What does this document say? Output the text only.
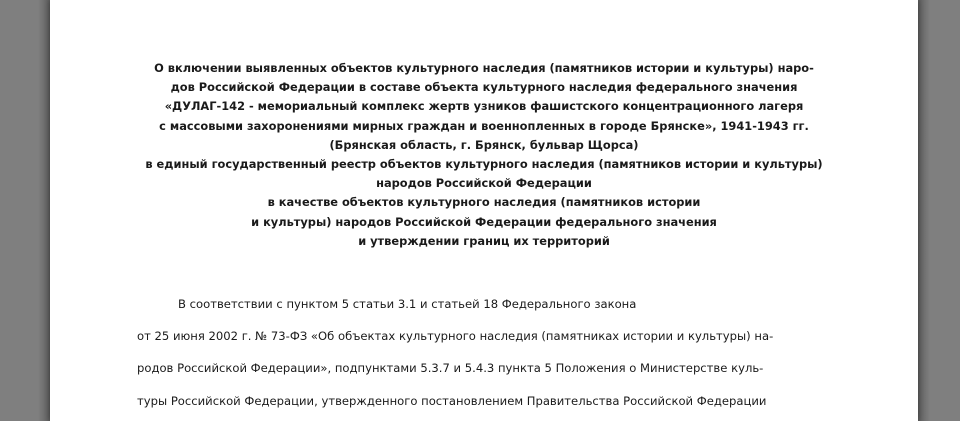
О включении выявленных объектов культурного наследия (памятников истории и культуры) наро-
дов Российской Федерации в составе объекта культурного наследия федерального значения
«ДУЛАГ-142 - мемориальный комплекс жертв узников фашистского концентрационного лагеря
с массовыми захоронениями мирных граждан и военнопленных в городе Брянске», 1941-1943 гг.
(Брянская область, г. Брянск, бульвар Щорса)
в единый государственный реестр объектов культурного наследия (памятников истории и культуры)
народов Российской Федерации
в качестве объектов культурного наследия (памятников истории
и культуры) народов Российской Федерации федерального значения
и утверждении границ их территорий
В соответствии с пунктом 5 статьи 3.1 и статьей 18 Федерального закона
от 25 июня 2002 г. № 73-ФЗ «Об объектах культурного наследия (памятниках истории и культуры) на-
родов Российской Федерации», подпунктами 5.3.7 и 5.4.3 пункта 5 Положения о Министерстве куль-
туры Российской Федерации, утвержденного постановлением Правительства Российской Федерации
